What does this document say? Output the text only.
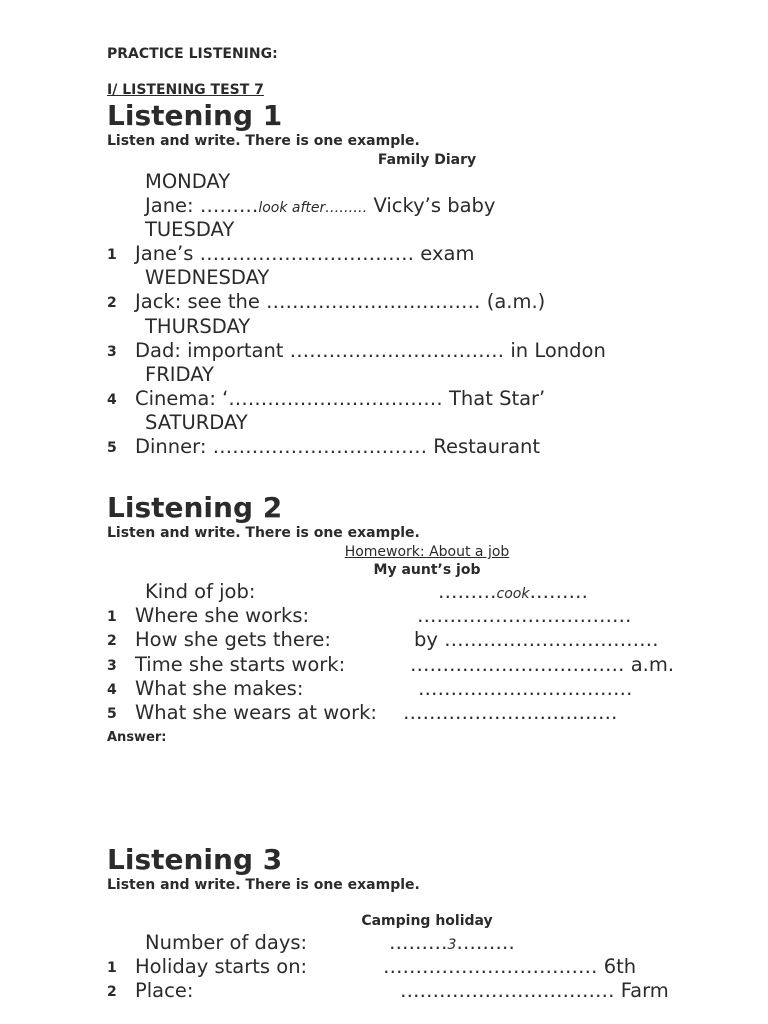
PRACTICE LISTENING:
I/ LISTENING TEST 7
Listening 1
Listen and write. There is one example.
Family Diary
MONDAY
Jane: ………look after……… Vicky’s baby
TUESDAY
1 Jane’s …………………………… exam
WEDNESDAY
2 Jack: see the …………………………… (a.m.)
THURSDAY
3 Dad: important …………………………… in London
FRIDAY
4 Cinema: ‘…………………………… That Star’
SATURDAY
5 Dinner: …………………………… Restaurant
Listening 2
Listen and write. There is one example.
Homework: About a job
My aunt’s job
Kind of job:	………cook………
1 Where she works:	……………………………
2 How she gets there:	by ……………………………
3 Time she starts work:	…………………………… a.m.
4 What she makes:	……………………………
5 What she wears at work: ……………………………
Answer:
Listening 3
Listen and write. There is one example.
Camping holiday
Number of days:	………3………
1 Holiday starts on:	…………………………… 6th
2 Place:	…………………………… Farm
